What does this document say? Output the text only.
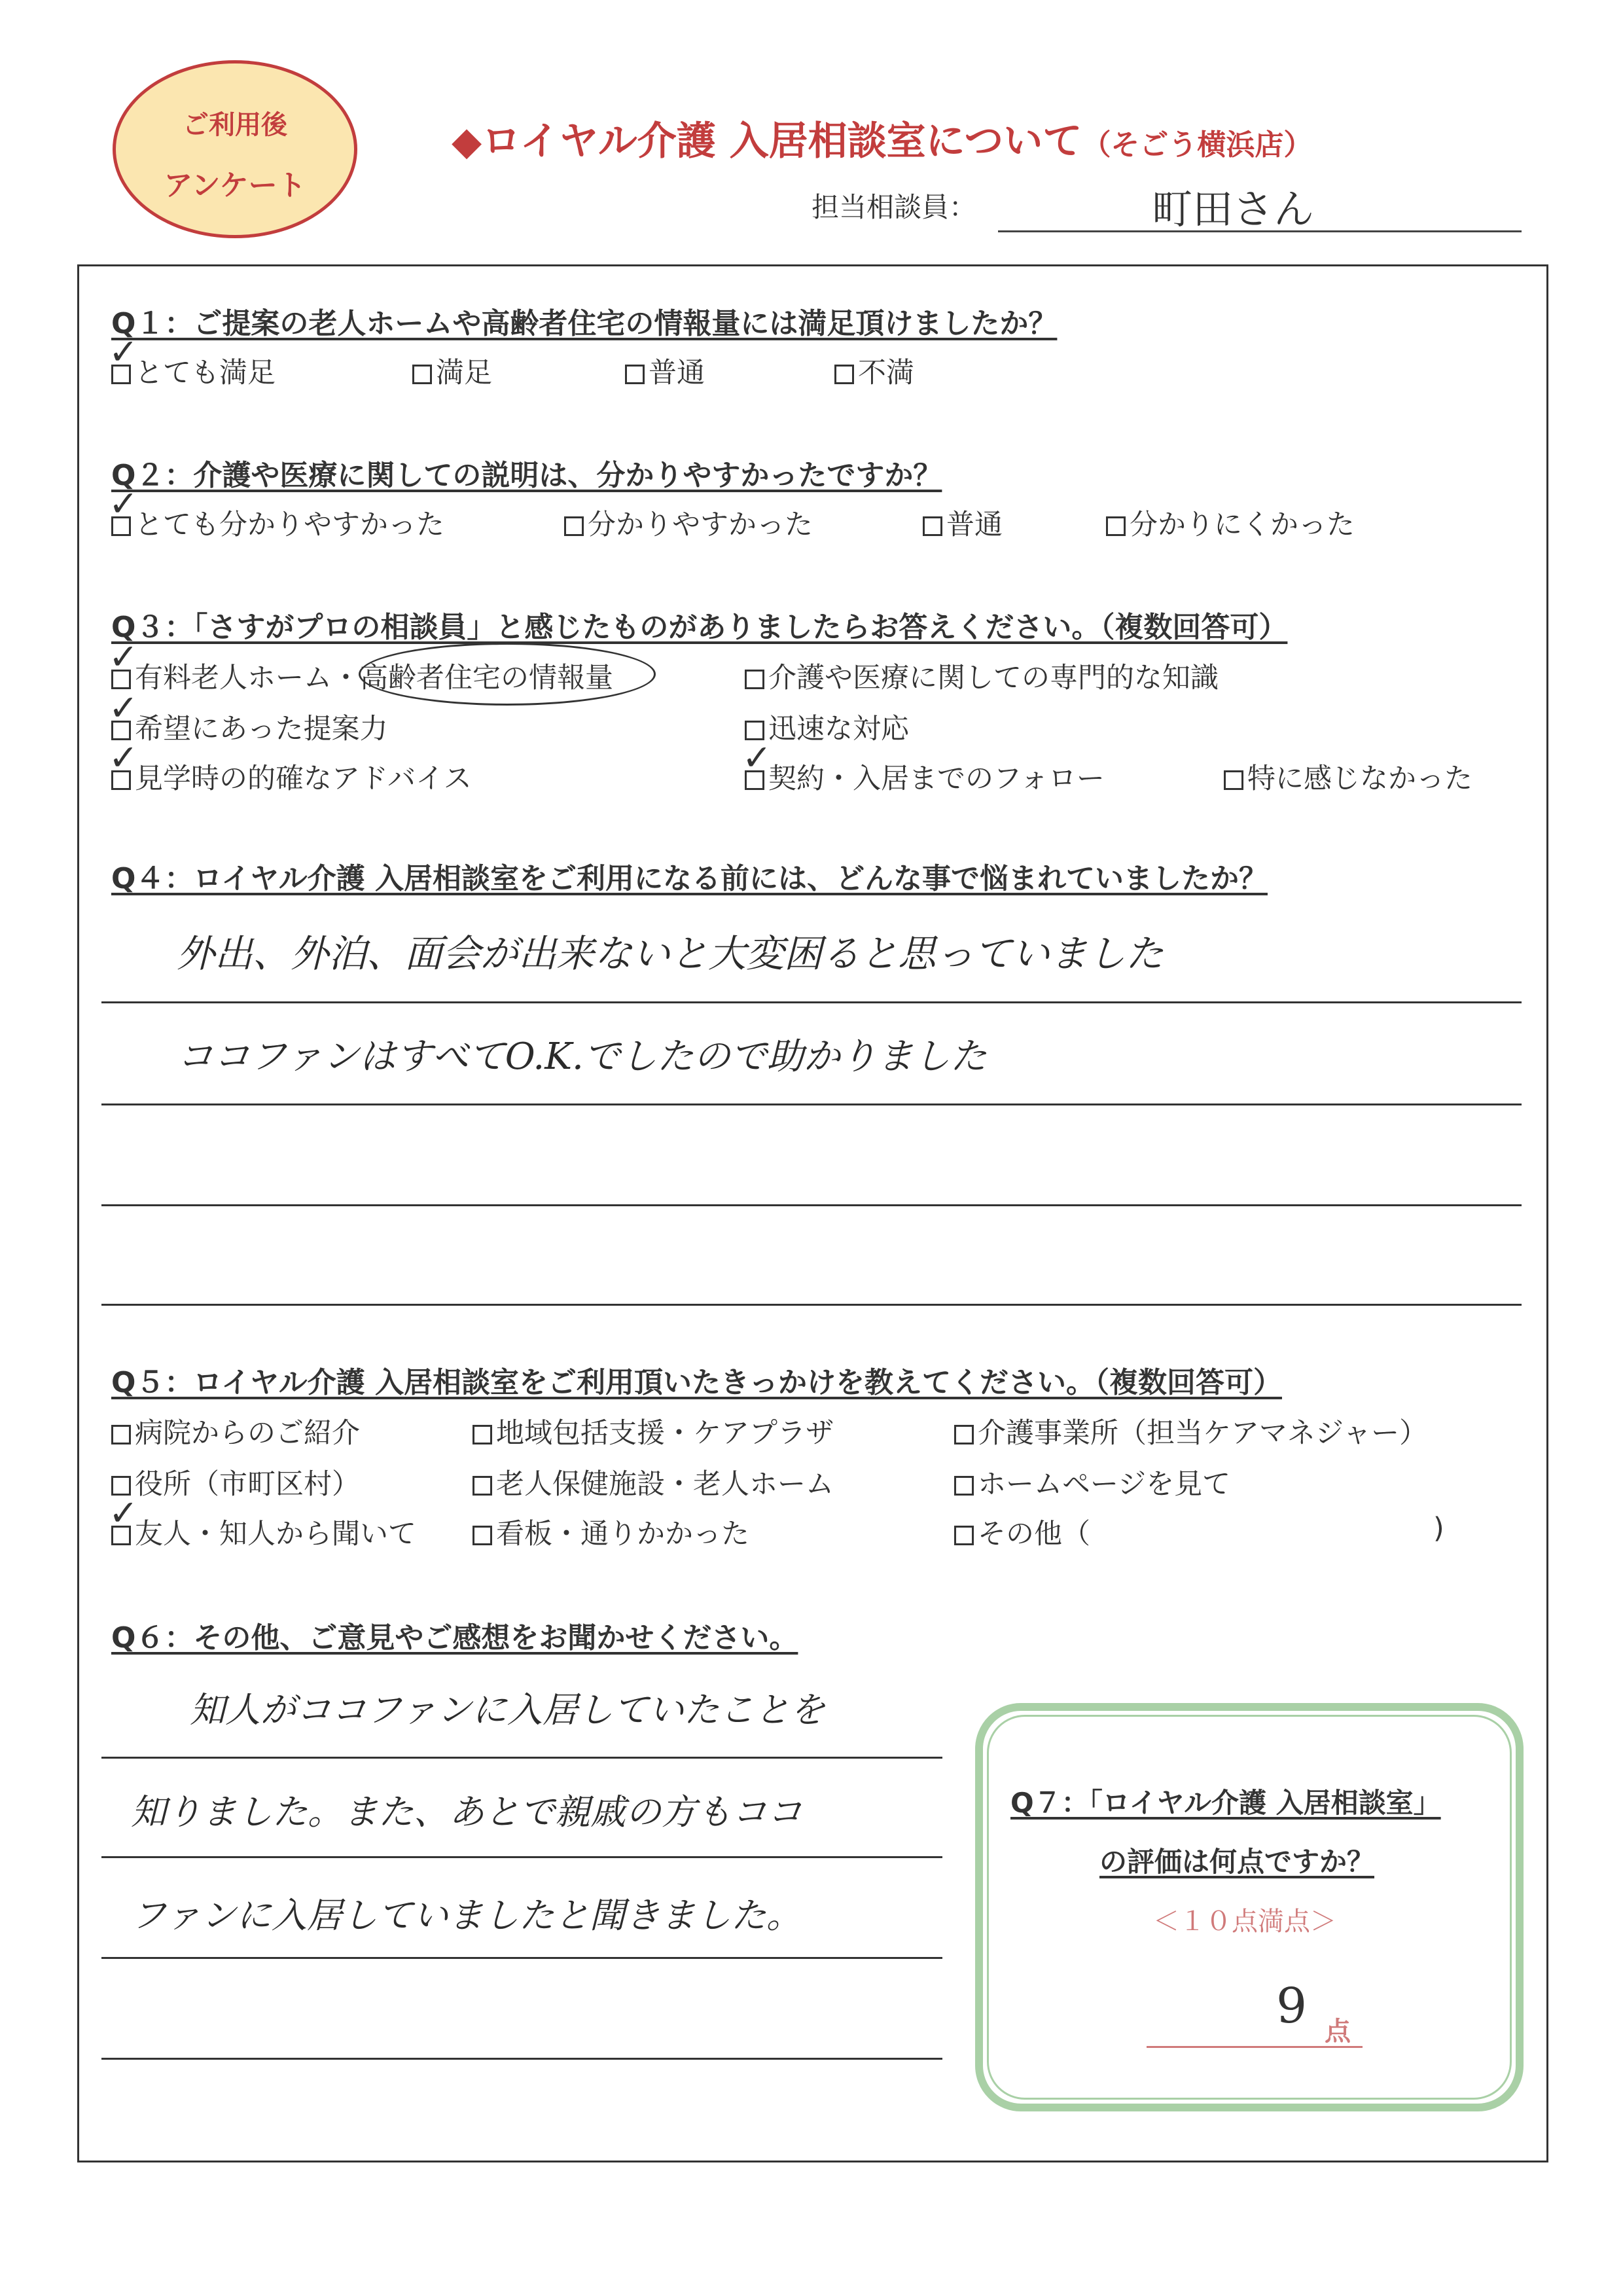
ご利用後
アンケート
◆ロイヤル介護 入居相談室について（そごう横浜店）
担当相談員：	町田さん
Q１：ご提案の老人ホームや高齢者住宅の情報量には満足頂けましたか？
とても満足	満足	普通	不満
✓
Q２：介護や医療に関しての説明は、分かりやすかったですか？
とても分かりやすかった	分かりやすかった	普通	分かりにくかった
✓
Q３：「さすがプロの相談員」と感じたものがありましたらお答えください。（複数回答可）
有料老人ホーム・高齢者住宅の情報量	介護や医療に関しての専門的な知識
希望にあった提案力	迅速な対応
見学時の的確なアドバイス	契約・入居までのフォロー	特に感じなかった
✓
✓
✓	✓
Q４：ロイヤル介護 入居相談室をご利用になる前には、どんな事で悩まれていましたか？
外出、外泊、面会が出来ないと大変困ると思っていました
ココファンはすべてO.K.でしたので助かりました
Q５：ロイヤル介護 入居相談室をご利用頂いたきっかけを教えてください。（複数回答可）
病院からのご紹介	地域包括支援・ケアプラザ	介護事業所（担当ケアマネジャー）
役所（市町区村）	老人保健施設・老人ホーム	ホームページを見て
友人・知人から聞いて	看板・通りかかった	その他（	)
✓
Q６：その他、ご意見やご感想をお聞かせください。
知人がココファンに入居していたことを
知りました。また、あとで親戚の方もココ
ファンに入居していましたと聞きました。
Q７：「ロイヤル介護 入居相談室」
の評価は何点ですか？
＜１０点満点＞
9 点
